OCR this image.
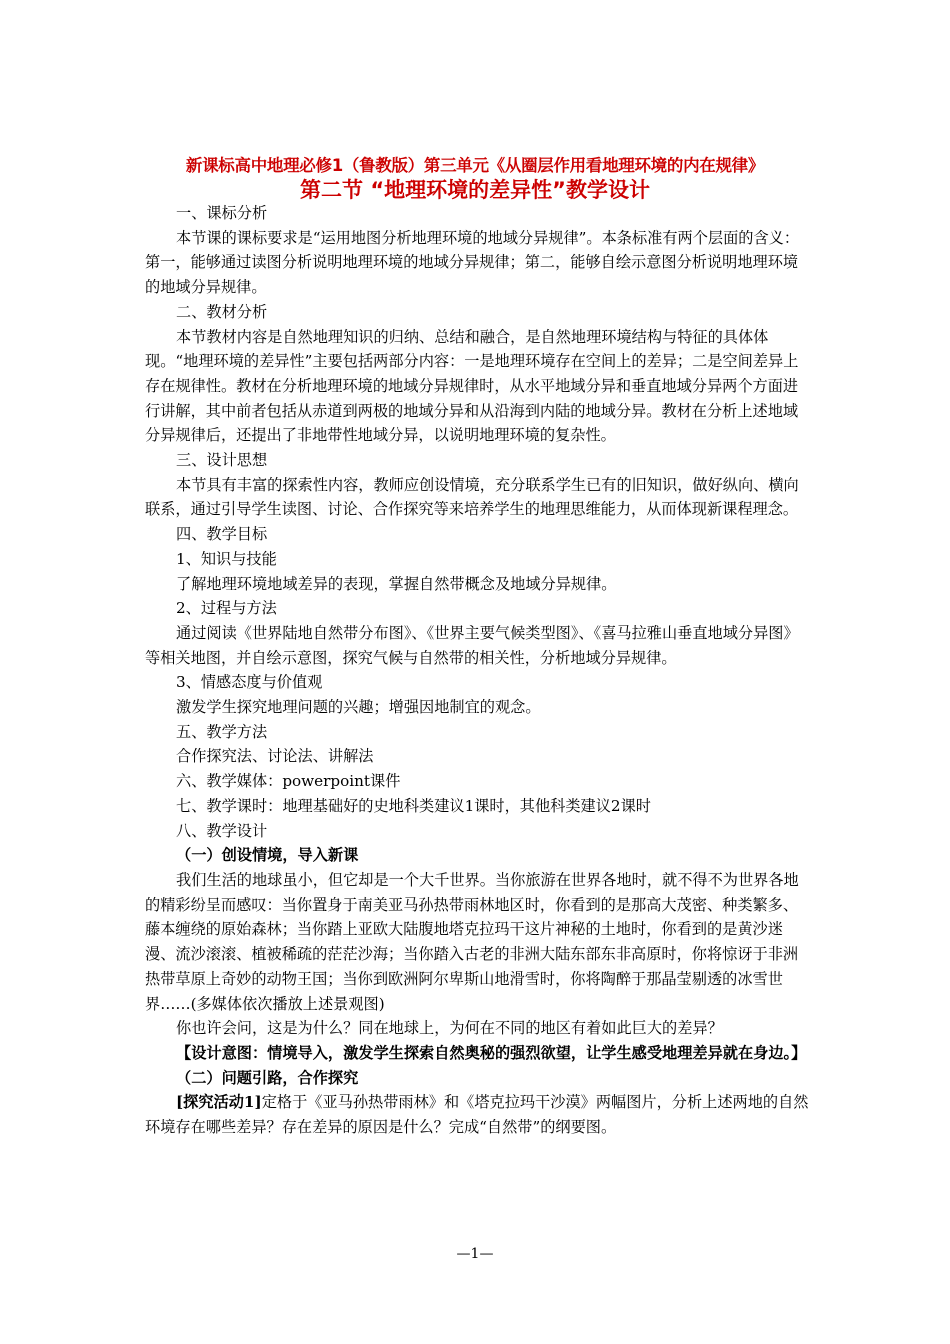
新课标高中地理必修1（鲁教版）第三单元《从圈层作用看地理环境的内在规律》
第二节 “地理环境的差异性”教学设计

一、课标分析

本节课的课标要求是“运用地图分析地理环境的地域分异规律”。本条标准有两个层面的含义：第一，能够通过读图分析说明地理环境的地域分异规律；第二，能够自绘示意图分析说明地理环境的地域分异规律。

二、教材分析

本节教材内容是自然地理知识的归纳、总结和融合，是自然地理环境结构与特征的具体体现。“地理环境的差异性”主要包括两部分内容：一是地理环境存在空间上的差异；二是空间差异上存在规律性。教材在分析地理环境的地域分异规律时，从水平地域分异和垂直地域分异两个方面进行讲解，其中前者包括从赤道到两极的地域分异和从沿海到内陆的地域分异。教材在分析上述地域分异规律后，还提出了非地带性地域分异，以说明地理环境的复杂性。

三、设计思想

本节具有丰富的探索性内容，教师应创设情境，充分联系学生已有的旧知识，做好纵向、横向联系，通过引导学生读图、讨论、合作探究等来培养学生的地理思维能力，从而体现新课程理念。

四、教学目标

1、知识与技能

了解地理环境地域差异的表现，掌握自然带概念及地域分异规律。

2、过程与方法

通过阅读《世界陆地自然带分布图》、《世界主要气候类型图》、《喜马拉雅山垂直地域分异图》等相关地图，并自绘示意图，探究气候与自然带的相关性，分析地域分异规律。

3、情感态度与价值观

激发学生探究地理问题的兴趣；增强因地制宜的观念。

五、教学方法

合作探究法、讨论法、讲解法

六、教学媒体：powerpoint课件

七、教学课时：地理基础好的史地科类建议1课时，其他科类建议2课时

八、教学设计

（一）创设情境，导入新课

我们生活的地球虽小，但它却是一个大千世界。当你旅游在世界各地时，就不得不为世界各地的精彩纷呈而感叹：当你置身于南美亚马孙热带雨林地区时，你看到的是那高大茂密、种类繁多、藤本缠绕的原始森林；当你踏上亚欧大陆腹地塔克拉玛干这片神秘的土地时，你看到的是黄沙迷漫、流沙滚滚、植被稀疏的茫茫沙海；当你踏入古老的非洲大陆东部东非高原时，你将惊讶于非洲热带草原上奇妙的动物王国；当你到欧洲阿尔卑斯山地滑雪时，你将陶醉于那晶莹剔透的冰雪世界……(多媒体依次播放上述景观图)

你也许会问，这是为什么？同在地球上，为何在不同的地区有着如此巨大的差异？

【设计意图：情境导入，激发学生探索自然奥秘的强烈欲望，让学生感受地理差异就在身边。】

（二）问题引路，合作探究

[探究活动1]定格于《亚马孙热带雨林》和《塔克拉玛干沙漠》两幅图片，分析上述两地的自然环境存在哪些差异？存在差异的原因是什么？完成“自然带”的纲要图。

—1—
